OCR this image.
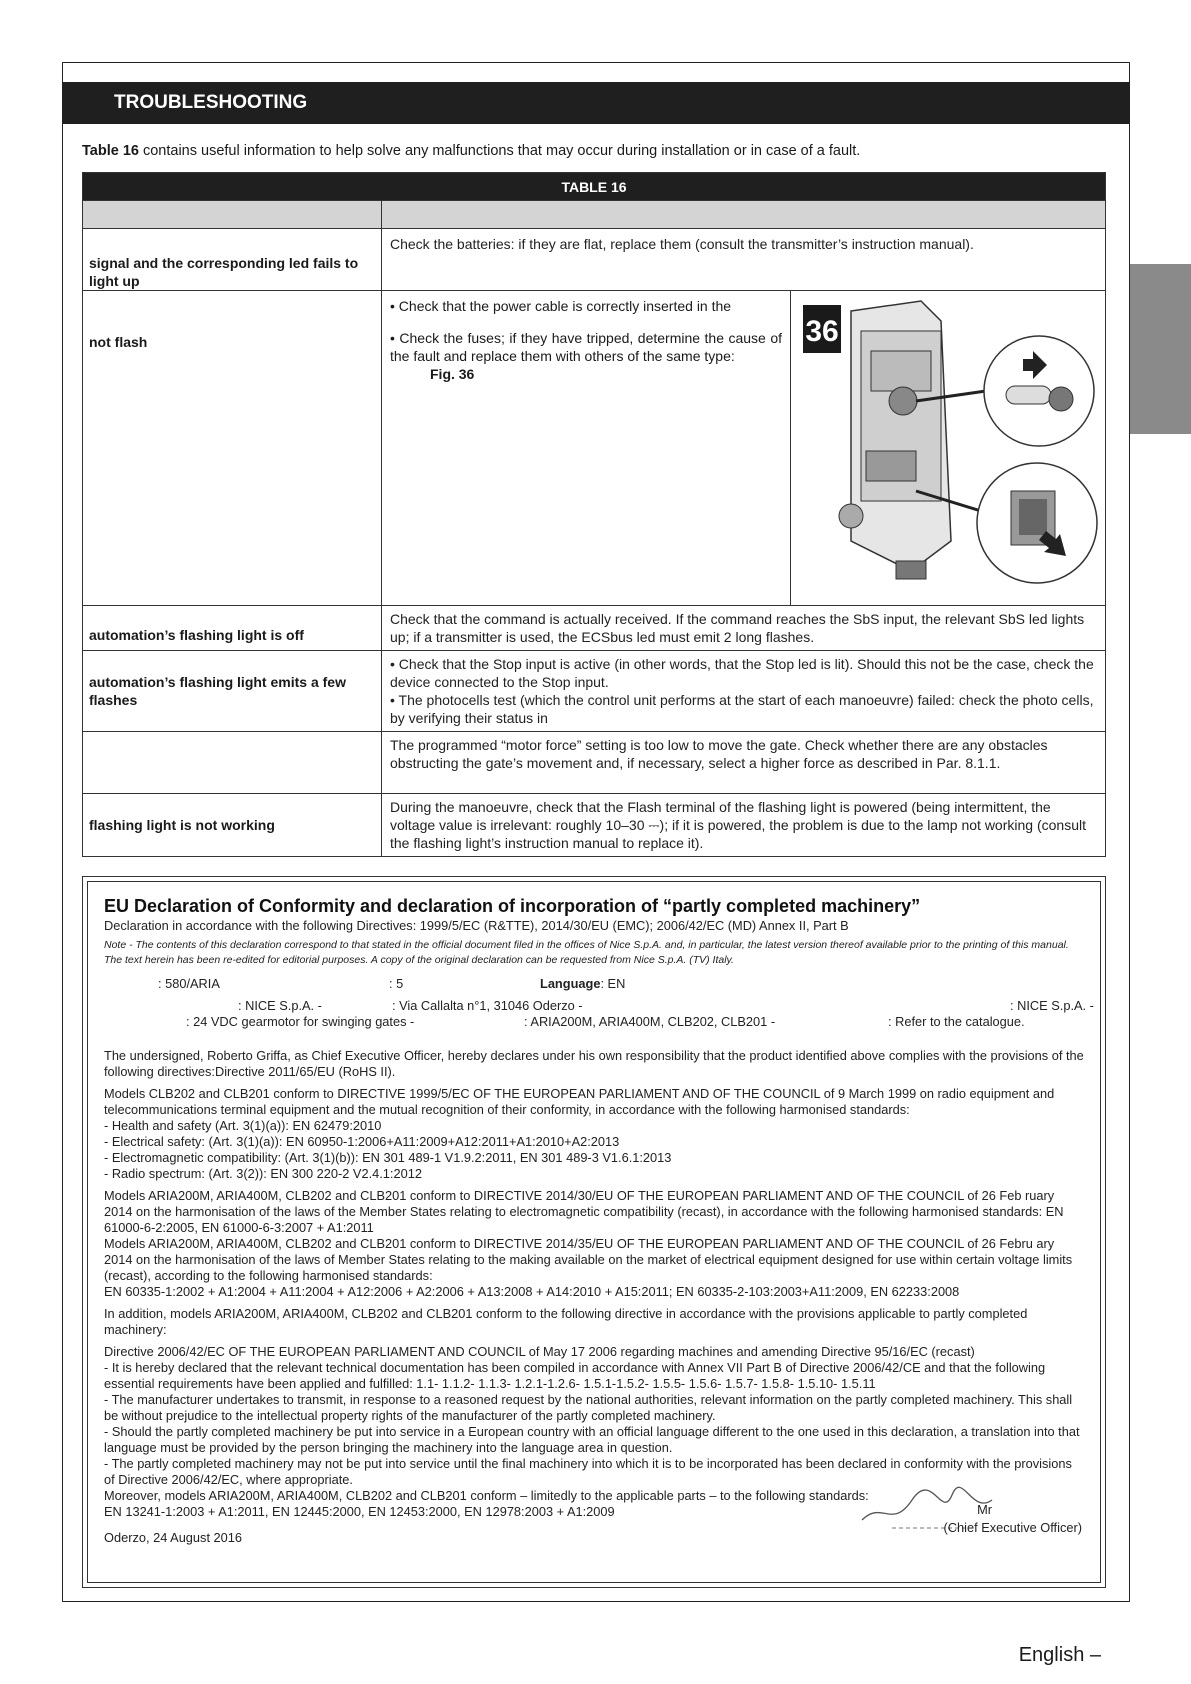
TROUBLESHOOTING
Table 16 contains useful information to help solve any malfunctions that may occur during installation or in case of a fault.
TABLE 16	

signal and the corresponding led fails to light up	Check the batteries: if they are flat, replace them (consult the transmitter’s instruction manual).
not flash	• Check that the power cable is correctly inserted in the
• Check the fuses; if they have tripped, determine the cause of the fault and replace them with others of the same type:
Fig. 36
36

automation’s flashing light is off	Check that the command is actually received. If the command reaches the SbS input, the relevant SbS led lights up; if a transmitter is used, the ECSbus led must emit 2 long flashes.
automation’s flashing light emits a few flashes	• Check that the Stop input is active (in other words, that the Stop led is lit). Should this not be the case, check the device connected to the Stop input.
• The photocells test (which the control unit performs at the start of each manoeuvre) failed: check the photo cells, by verifying their status in

	The programmed “motor force” setting is too low to move the gate. Check whether there are any obstacles obstructing the gate’s movement and, if necessary, select a higher force as described in Par. 8.1.1.
flashing light is not working	During the manoeuvre, check that the Flash terminal of the flashing light is powered (being intermittent, the voltage value is irrelevant: roughly 10–30 ⎓); if it is powered, the problem is due to the lamp not working (consult the flashing light’s instruction manual to replace it).
EU Declaration of Conformity and declaration of incorporation of “partly completed machinery”
Declaration in accordance with the following Directives: 1999/5/EC (R&TTE), 2014/30/EU (EMC); 2006/42/EC (MD) Annex II, Part B
Note - The contents of this declaration correspond to that stated in the official document filed in the offices of Nice S.p.A. and, in particular, the latest version thereof available prior to the printing of this manual. The text herein has been re-edited for editorial purposes. A copy of the original declaration can be requested from Nice S.p.A. (TV) Italy.
: 580/ARIA	: 5	Language: EN
: NICE S.p.A. -	: Via Callalta n°1, 31046 Oderzo -	: NICE S.p.A. -
: 24 VDC gearmotor for swinging gates -	: ARIA200M, ARIA400M, CLB202, CLB201 -	: Refer to the catalogue.

The undersigned, Roberto Griffa, as Chief Executive Officer, hereby declares under his own responsibility that the product identified above complies with the provisions of the following directives:Directive 2011/65/EU (RoHS II).

Models CLB202 and CLB201 conform to DIRECTIVE 1999/5/EC OF THE EUROPEAN PARLIAMENT AND OF THE COUNCIL of 9 March 1999 on radio equipment and telecommunications terminal equipment and the mutual recognition of their conformity, in accordance with the following harmonised standards:

- Health and safety (Art. 3(1)(a)): EN 62479:2010
- Electrical safety: (Art. 3(1)(a)): EN 60950-1:2006+A11:2009+A12:2011+A1:2010+A2:2013
- Electromagnetic compatibility: (Art. 3(1)(b)): EN 301 489-1 V1.9.2:2011, EN 301 489-3 V1.6.1:2013

- Radio spectrum: (Art. 3(2)): EN 300 220-2 V2.4.1:2012

Models ARIA200M, ARIA400M, CLB202 and CLB201 conform to DIRECTIVE 2014/30/EU OF THE EUROPEAN PARLIAMENT AND OF THE COUNCIL of 26 Feb ruary 2014 on the harmonisation of the laws of the Member States relating to electromagnetic compatibility (recast), in accordance with the following harmonised standards: EN 61000-6-2:2005, EN 61000-6-3:2007 + A1:2011

Models ARIA200M, ARIA400M, CLB202 and CLB201 conform to DIRECTIVE 2014/35/EU OF THE EUROPEAN PARLIAMENT AND OF THE COUNCIL of 26 Febru ary 2014 on the harmonisation of the laws of Member States relating to the making available on the market of electrical equipment designed for use within certain voltage limits (recast), according to the following harmonised standards:

EN 60335-1:2002 + A1:2004 + A11:2004 + A12:2006 + A2:2006 + A13:2008 + A14:2010 + A15:2011; EN 60335-2-103:2003+A11:2009, EN 62233:2008

In addition, models ARIA200M, ARIA400M, CLB202 and CLB201 conform to the following directive in accordance with the provisions applicable to partly completed machinery:

Directive 2006/42/EC OF THE EUROPEAN PARLIAMENT AND COUNCIL of May 17 2006 regarding machines and amending Directive 95/16/EC (recast)
- It is hereby declared that the relevant technical documentation has been compiled in accordance with Annex VII Part B of Directive 2006/42/CE and that the following essential requirements have been applied and fulfilled: 1.1- 1.1.2- 1.1.3- 1.2.1-1.2.6- 1.5.1-1.5.2- 1.5.5- 1.5.6- 1.5.7- 1.5.8- 1.5.10- 1.5.11
- The manufacturer undertakes to transmit, in response to a reasoned request by the national authorities, relevant information on the partly completed machinery. This shall be without prejudice to the intellectual property rights of the manufacturer of the partly completed machinery.
- Should the partly completed machinery be put into service in a European country with an official language different to the one used in this declaration, a translation into that language must be provided by the person bringing the machinery into the language area in question.
- The partly completed machinery may not be put into service until the final machinery into which it is to be incorporated has been declared in conformity with the provisions of Directive 2006/42/EC, where appropriate.
Moreover, models ARIA200M, ARIA400M, CLB202 and CLB201 conform – limitedly to the applicable parts – to the following standards:

EN 13241-1:2003 + A1:2011, EN 12445:2000, EN 12453:2000, EN 12978:2003 + A1:2009

Oderzo, 24 August 2016
Mr
(Chief Executive Officer)
English –
